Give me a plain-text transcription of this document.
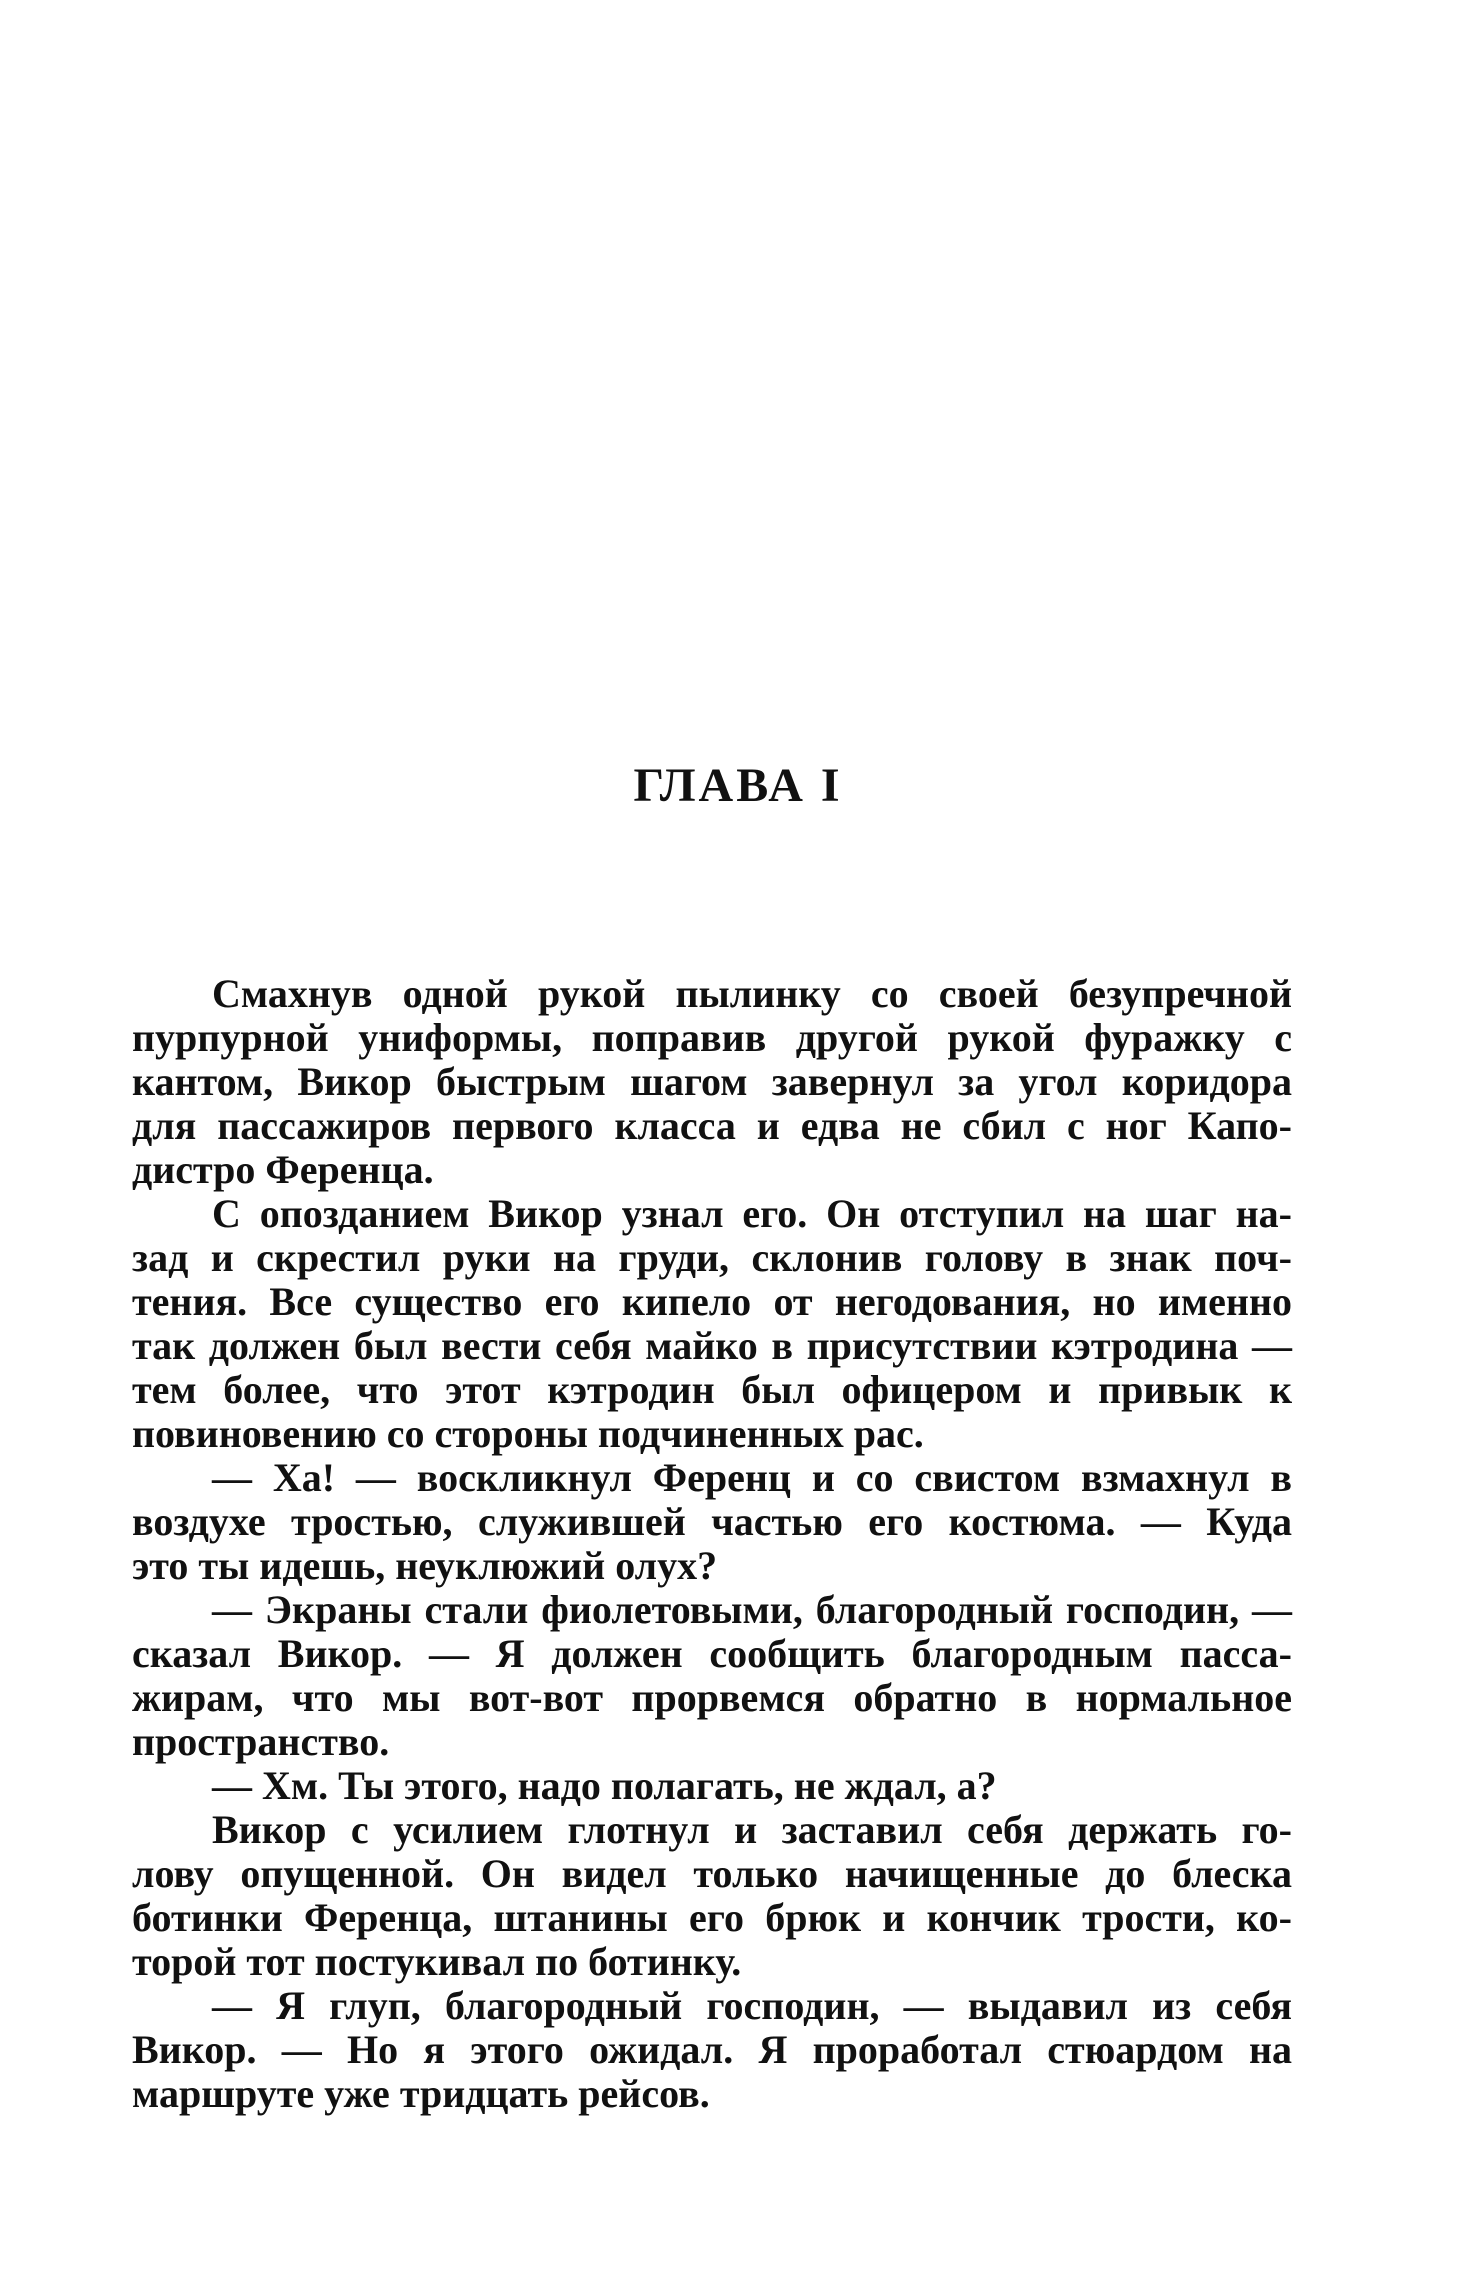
ГЛАВА I
Смахнув одной рукой пылинку со своей безупречной
пурпурной униформы, поправив другой рукой фуражку с
кантом, Викор быстрым шагом завернул за угол коридора
для пассажиров первого класса и едва не сбил с ног Капо-
дистро Ференца.
С опозданием Викор узнал его. Он отступил на шаг на-
зад и скрестил руки на груди, склонив голову в знак поч-
тения. Все существо его кипело от негодования, но именно
так должен был вести себя майко в присутствии кэтродина —
тем более, что этот кэтродин был офицером и привык к
повиновению со стороны подчиненных рас.
— Ха! — воскликнул Ференц и со свистом взмахнул в
воздухе тростью, служившей частью его костюма. — Куда
это ты идешь, неуклюжий олух?
— Экраны стали фиолетовыми, благородный господин, —
сказал Викор. — Я должен сообщить благородным пасса-
жирам, что мы вот-вот прорвемся обратно в нормальное
пространство.
— Хм. Ты этого, надо полагать, не ждал, а?
Викор с усилием глотнул и заставил себя держать го-
лову опущенной. Он видел только начищенные до блеска
ботинки Ференца, штанины его брюк и кончик трости, ко-
торой тот постукивал по ботинку.
— Я глуп, благородный господин, — выдавил из себя
Викор. — Но я этого ожидал. Я проработал стюардом на
маршруте уже тридцать рейсов.
